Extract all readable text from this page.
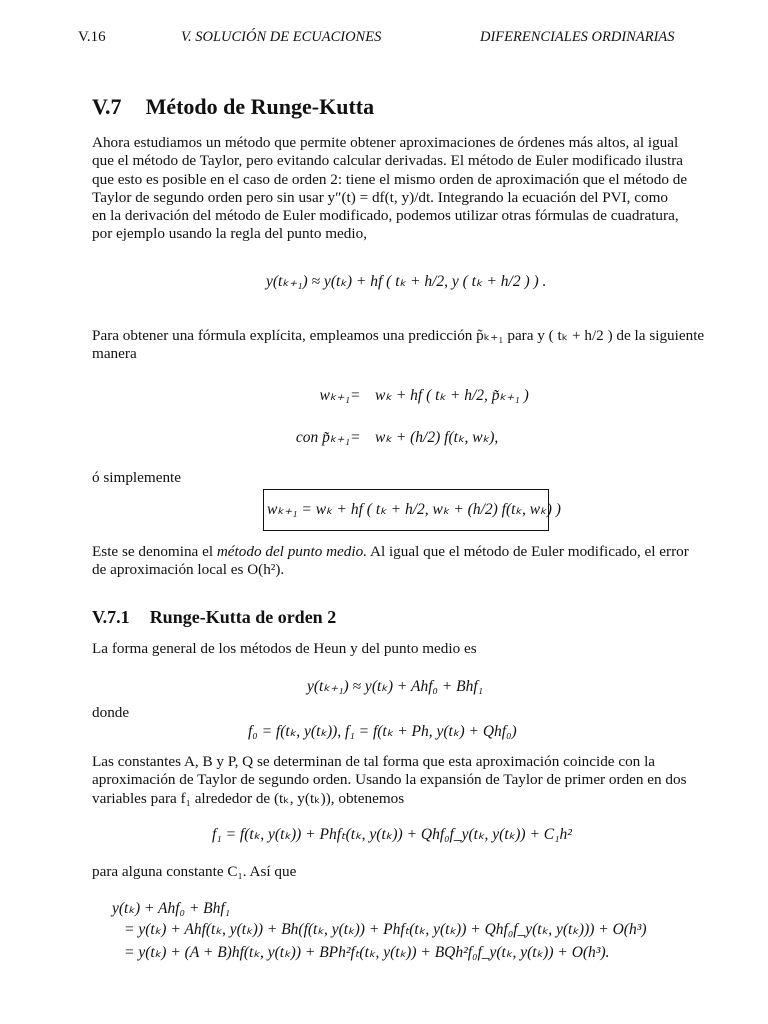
V.16	V. SOLUCIÓN DE ECUACIONES	DIFERENCIALES ORDINARIAS
V.7 Método de Runge-Kutta
Ahora estudiamos un método que permite obtener aproximaciones de órdenes más altos, al igual
que el método de Taylor, pero evitando calcular derivadas. El método de Euler modificado ilustra
que esto es posible en el caso de orden 2: tiene el mismo orden de aproximación que el método de
Taylor de segundo orden pero sin usar y″(t) = df(t, y)/dt. Integrando la ecuación del PVI, como
en la derivación del método de Euler modificado, podemos utilizar otras fórmulas de cuadratura,
por ejemplo usando la regla del punto medio,
y(tₖ₊₁) ≈ y(tₖ) + hf ( tₖ + h/2, y ( tₖ + h/2 ) ) .
Para obtener una fórmula explícita, empleamos una predicción p̃ₖ₊₁ para y ( tₖ + h/2 ) de la siguiente
manera
wₖ₊₁ = wₖ + hf ( tₖ + h/2, p̃ₖ₊₁ )
con p̃ₖ₊₁ = wₖ + (h/2) f(tₖ, wₖ),
ó simplemente
wₖ₊₁ = wₖ + hf ( tₖ + h/2, wₖ + (h/2) f(tₖ, wₖ) )
Este se denomina el método del punto medio. Al igual que el método de Euler modificado, el error
de aproximación local es O(h²).
V.7.1 Runge-Kutta de orden 2
La forma general de los métodos de Heun y del punto medio es
y(tₖ₊₁) ≈ y(tₖ) + Ahf₀ + Bhf₁
donde
f₀ = f(tₖ, y(tₖ)), f₁ = f(tₖ + Ph, y(tₖ) + Qhf₀)
Las constantes A, B y P, Q se determinan de tal forma que esta aproximación coincide con la
aproximación de Taylor de segundo orden. Usando la expansión de Taylor de primer orden en dos
variables para f₁ alrededor de (tₖ, y(tₖ)), obtenemos
f₁ = f(tₖ, y(tₖ)) + Phfₜ(tₖ, y(tₖ)) + Qhf₀f_y(tₖ, y(tₖ)) + C₁h²
para alguna constante C₁. Así que
y(tₖ) + Ahf₀ + Bhf₁
= y(tₖ) + Ahf(tₖ, y(tₖ)) + Bh(f(tₖ, y(tₖ)) + Phfₜ(tₖ, y(tₖ)) + Qhf₀f_y(tₖ, y(tₖ))) + O(h³)
= y(tₖ) + (A + B)hf(tₖ, y(tₖ)) + BPh²fₜ(tₖ, y(tₖ)) + BQh²f₀f_y(tₖ, y(tₖ)) + O(h³).
